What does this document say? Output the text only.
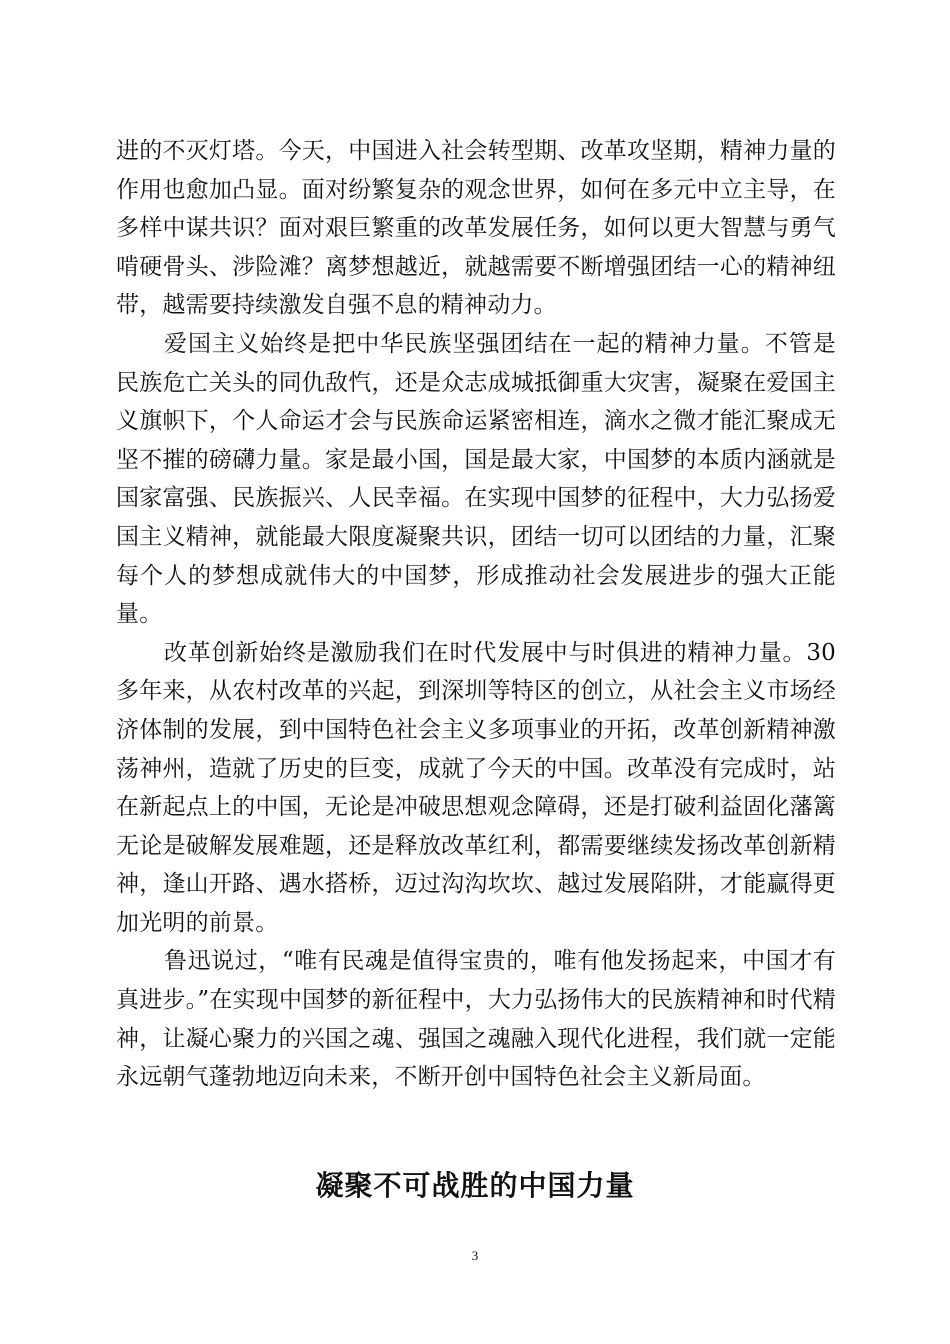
进的不灭灯塔。今天，中国进入社会转型期、改革攻坚期，精神力量的作用也愈加凸显。面对纷繁复杂的观念世界，如何在多元中立主导，在多样中谋共识？面对艰巨繁重的改革发展任务，如何以更大智慧与勇气啃硬骨头、涉险滩？离梦想越近，就越需要不断增强团结一心的精神纽带，越需要持续激发自强不息的精神动力。

爱国主义始终是把中华民族坚强团结在一起的精神力量。不管是民族危亡关头的同仇敌忾，还是众志成城抵御重大灾害，凝聚在爱国主义旗帜下，个人命运才会与民族命运紧密相连，滴水之微才能汇聚成无坚不摧的磅礴力量。家是最小国，国是最大家，中国梦的本质内涵就是国家富强、民族振兴、人民幸福。在实现中国梦的征程中，大力弘扬爱国主义精神，就能最大限度凝聚共识，团结一切可以团结的力量，汇聚每个人的梦想成就伟大的中国梦，形成推动社会发展进步的强大正能量。

改革创新始终是激励我们在时代发展中与时俱进的精神力量。30多年来，从农村改革的兴起，到深圳等特区的创立，从社会主义市场经济体制的发展，到中国特色社会主义多项事业的开拓，改革创新精神激荡神州，造就了历史的巨变，成就了今天的中国。改革没有完成时，站在新起点上的中国，无论是冲破思想观念障碍，还是打破利益固化藩篱无论是破解发展难题，还是释放改革红利，都需要继续发扬改革创新精神，逢山开路、遇水搭桥，迈过沟沟坎坎、越过发展陷阱，才能赢得更加光明的前景。

鲁迅说过，“唯有民魂是值得宝贵的，唯有他发扬起来，中国才有真进步。”在实现中国梦的新征程中，大力弘扬伟大的民族精神和时代精神，让凝心聚力的兴国之魂、强国之魂融入现代化进程，我们就一定能永远朝气蓬勃地迈向未来，不断开创中国特色社会主义新局面。

凝聚不可战胜的中国力量
3
